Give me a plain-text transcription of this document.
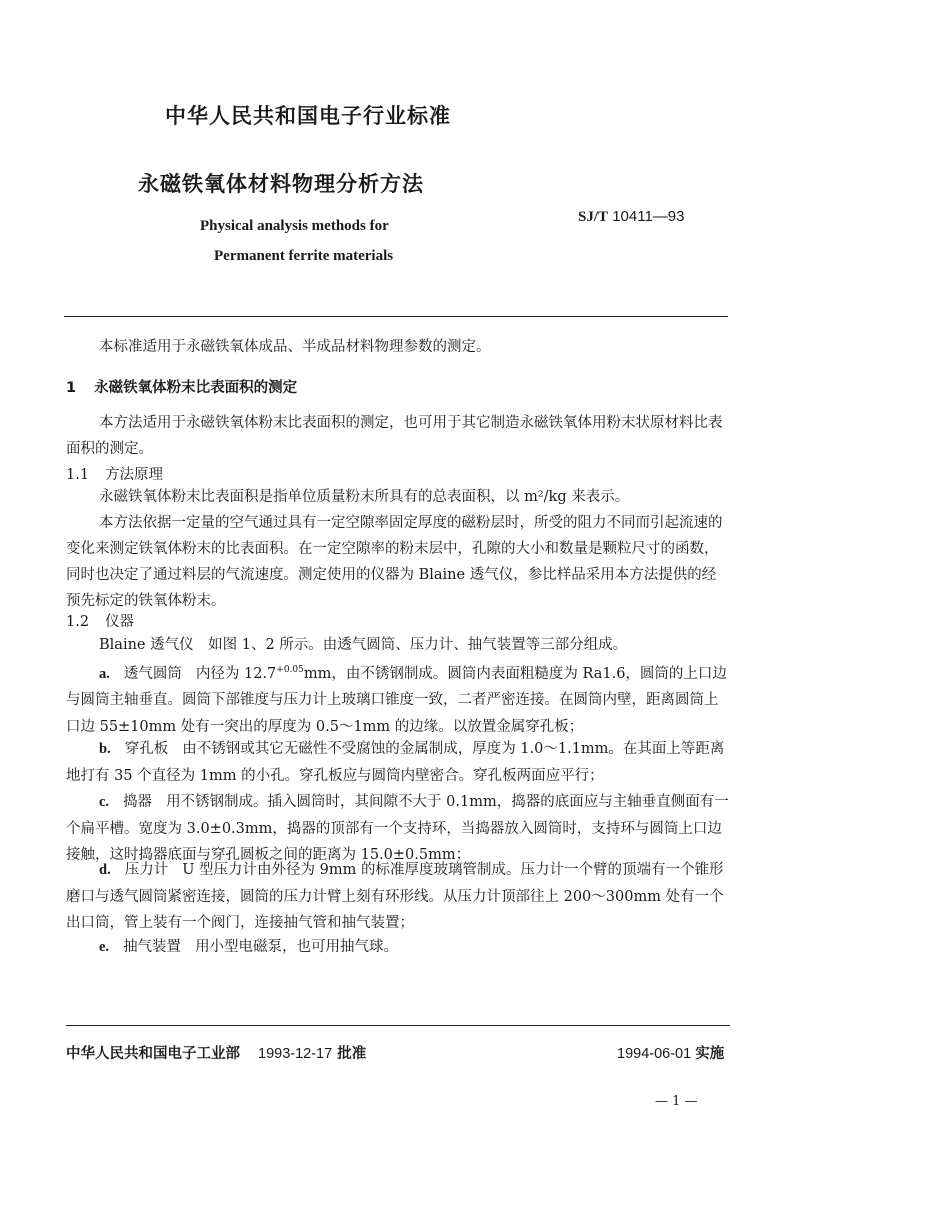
中华人民共和国电子行业标准
永磁铁氧体材料物理分析方法
Physical analysis methods for
Permanent ferrite materials
SJ/T 10411—93
本标准适用于永磁铁氧体成品、半成品材料物理参数的测定。
1 永磁铁氧体粉末比表面积的测定
本方法适用于永磁铁氧体粉末比表面积的测定，也可用于其它制造永磁铁氧体用粉末状原材料比表面积的测定。
1.1 方法原理
永磁铁氧体粉末比表面积是指单位质量粉末所具有的总表面积，以 m²/kg 来表示。
本方法依据一定量的空气通过具有一定空隙率固定厚度的磁粉层时，所受的阻力不同而引起流速的变化来测定铁氧体粉末的比表面积。在一定空隙率的粉末层中，孔隙的大小和数量是颗粒尺寸的函数，同时也决定了通过料层的气流速度。测定使用的仪器为 Blaine 透气仪，参比样品采用本方法提供的经预先标定的铁氧体粉末。
1.2 仪器
Blaine 透气仪　如图 1、2 所示。由透气圆筒、压力计、抽气装置等三部分组成。
a. 透气圆筒 内径为 $12.7^{+0.05}mm$，由不锈钢制成。圆筒内表面粗糙度为 Ra1.6，圆筒的上口边与圆筒主轴垂直。圆筒下部锥度与压力计上玻璃口锥度一致，二者严密连接。在圆筒内壁，距离圆筒上口边 55±10mm 处有一突出的厚度为 0.5～1mm 的边缘。以放置金属穿孔板；
b. 穿孔板 由不锈钢或其它无磁性不受腐蚀的金属制成，厚度为 1.0～1.1mm。在其面上等距离地打有 35 个直径为 1mm 的小孔。穿孔板应与圆筒内壁密合。穿孔板两面应平行；
c. 捣器 用不锈钢制成。插入圆筒时，其间隙不大于 0.1mm，捣器的底面应与主轴垂直侧面有一个扁平槽。宽度为 3.0±0.3mm，捣器的顶部有一个支持环，当捣器放入圆筒时，支持环与圆筒上口边接触，这时捣器底面与穿孔圆板之间的距离为 15.0±0.5mm；
d. 压力计 U 型压力计由外径为 9mm 的标准厚度玻璃管制成。压力计一个臂的顶端有一个锥形磨口与透气圆筒紧密连接，圆筒的压力计臂上刻有环形线。从压力计顶部往上 200～300mm 处有一个出口筒，管上装有一个阀门，连接抽气管和抽气装置；
e. 抽气装置 用小型电磁泵，也可用抽气球。
中华人民共和国电子工业部 1993-12-17 批准	1994-06-01 实施
— 1 —
